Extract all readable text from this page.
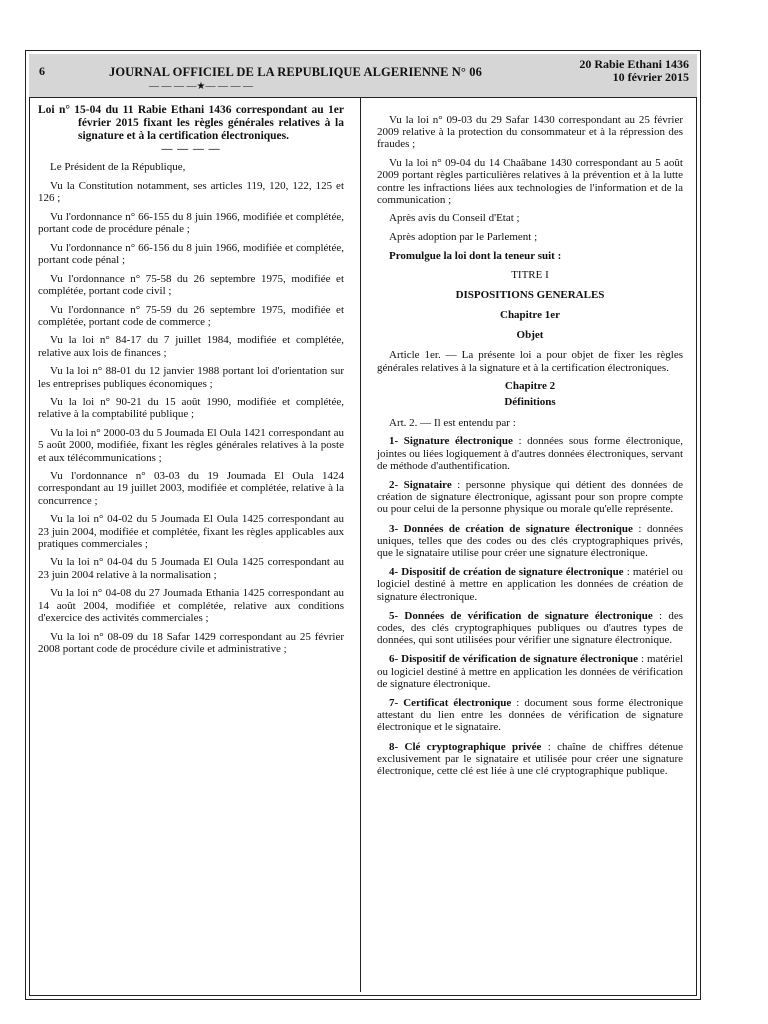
6	JOURNAL OFFICIEL DE LA REPUBLIQUE ALGERIENNE N° 06
— — — —★— — — —
20 Rabie Ethani 1436
10 février 2015

Loi n° 15-04 du 11 Rabie Ethani 1436 correspondant au 1er février 2015 fixant les règles générales relatives à la signature et à la certification électroniques.

— — — —

Le Président de la République,

Vu la Constitution notamment, ses articles 119, 120, 122, 125 et 126 ;

Vu l'ordonnance n° 66-155 du 8 juin 1966, modifiée et complétée, portant code de procédure pénale ;

Vu l'ordonnance n° 66-156 du 8 juin 1966, modifiée et complétée, portant code pénal ;

Vu l'ordonnance n° 75-58 du 26 septembre 1975, modifiée et complétée, portant code civil ;

Vu l'ordonnance n° 75-59 du 26 septembre 1975, modifiée et complétée, portant code de commerce ;

Vu la loi n° 84-17 du 7 juillet 1984, modifiée et complétée, relative aux lois de finances ;

Vu la loi n° 88-01 du 12 janvier 1988 portant loi d'orientation sur les entreprises publiques économiques ;

Vu la loi n° 90-21 du 15 août 1990, modifiée et complétée, relative à la comptabilité publique ;

Vu la loi n° 2000-03 du 5 Joumada El Oula 1421 correspondant au 5 août 2000, modifiée, fixant les règles générales relatives à la poste et aux télécommunications ;

Vu l'ordonnance n° 03-03 du 19 Joumada El Oula 1424 correspondant au 19 juillet 2003, modifiée et complétée, relative à la concurrence ;

Vu la loi n° 04-02 du 5 Joumada El Oula 1425 correspondant au 23 juin 2004, modifiée et complétée, fixant les règles applicables aux pratiques commerciales ;

Vu la loi n° 04-04 du 5 Joumada El Oula 1425 correspondant au 23 juin 2004 relative à la normalisation ;

Vu la loi n° 04-08 du 27 Joumada Ethania 1425 correspondant au 14 août 2004, modifiée et complétée, relative aux conditions d'exercice des activités commerciales ;

Vu la loi n° 08-09 du 18 Safar 1429 correspondant au 25 février 2008 portant code de procédure civile et administrative ;

Vu la loi n° 09-03 du 29 Safar 1430 correspondant au 25 février 2009 relative à la protection du consommateur et à la répression des fraudes ;

Vu la loi n° 09-04 du 14 Chaâbane 1430 correspondant au 5 août 2009 portant règles particulières relatives à la prévention et à la lutte contre les infractions liées aux technologies de l'information et de la communication ;

Après avis du Conseil d'Etat ;

Après adoption par le Parlement ;

Promulgue la loi dont la teneur suit :

TITRE I

DISPOSITIONS GENERALES

Chapitre 1er

Objet

Article 1er. — La présente loi a pour objet de fixer les règles générales relatives à la signature et à la certification électroniques.

Chapitre 2

Définitions

Art. 2. — Il est entendu par :

1- Signature électronique : données sous forme électronique, jointes ou liées logiquement à d'autres données électroniques, servant de méthode d'authentification.

2- Signataire : personne physique qui détient des données de création de signature électronique, agissant pour son propre compte ou pour celui de la personne physique ou morale qu'elle représente.

3- Données de création de signature électronique : données uniques, telles que des codes ou des clés cryptographiques privés, que le signataire utilise pour créer une signature électronique.

4- Dispositif de création de signature électronique : matériel ou logiciel destiné à mettre en application les données de création de signature électronique.

5- Données de vérification de signature électronique : des codes, des clés cryptographiques publiques ou d'autres types de données, qui sont utilisées pour vérifier une signature électronique.

6- Dispositif de vérification de signature électronique : matériel ou logiciel destiné à mettre en application les données de vérification de signature électronique.

7- Certificat électronique : document sous forme électronique attestant du lien entre les données de vérification de signature électronique et le signataire.

8- Clé cryptographique privée : chaîne de chiffres détenue exclusivement par le signataire et utilisée pour créer une signature électronique, cette clé est liée à une clé cryptographique publique.
